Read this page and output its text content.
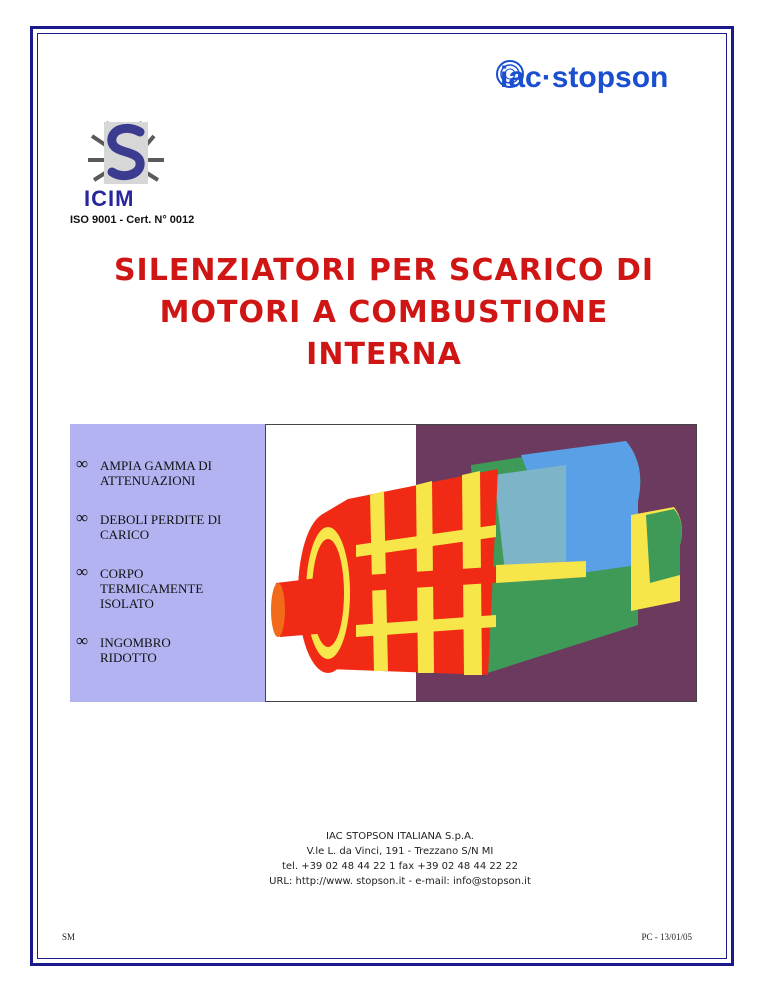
iac·stopson
ICIM
ISO 9001 - Cert. N° 0012
SILENZIATORI PER SCARICO DI
MOTORI A COMBUSTIONE
INTERNA
∞ AMPIA GAMMA DI
ATTENUAZIONI
∞ DEBOLI PERDITE DI
CARICO
∞ CORPO
TERMICAMENTE
ISOLATO
∞ INGOMBRO
RIDOTTO
IAC STOPSON ITALIANA S.p.A.
V.le L. da Vinci, 191 - Trezzano S/N MI
tel. +39 02 48 44 22 1 fax +39 02 48 44 22 22
URL: http://www. stopson.it - e-mail: info@stopson.it
SM	PC - 13/01/05
